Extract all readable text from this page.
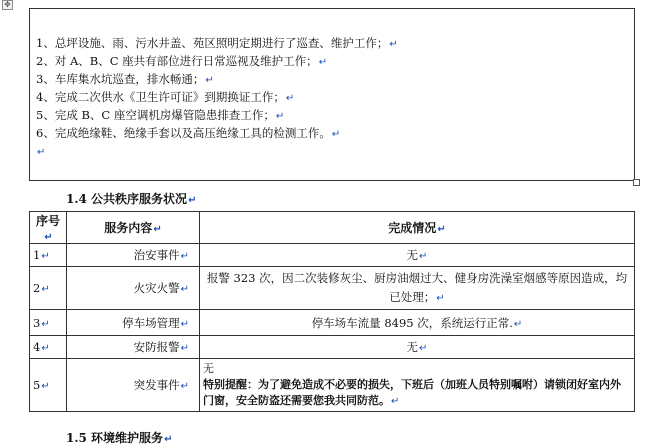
✥
1、总坪设施、雨、污水井盖、苑区照明定期进行了巡查、维护工作；↵
2、对 A、B、C 座共有部位进行日常巡视及维护工作；↵
3、车库集水坑巡查，排水畅通；↵
4、完成二次供水《卫生许可证》到期换证工作；↵
5、完成 B、C 座空调机房爆管隐患排查工作；↵
6、完成绝缘鞋、绝缘手套以及高压绝缘工具的检测工作。↵
↵
1.4 公共秩序服务状况↵
序号↵	服务内容↵	完成情况↵
1↵	治安事件↵	无↵
2↵	火灾火警↵	报警 323 次，因二次装修灰尘、厨房油烟过大、健身房洗澡室烟感等原因造成，均已处理；↵
3↵	停车场管理↵	停车场车流量 8495 次，系统运行正常.↵
4↵	安防报警↵	无↵
5↵	突发事件↵	无
特别提醒：为了避免造成不必要的损失，下班后（加班人员特别嘱咐）请锁闭好室内外门窗，安全防盗还需要您我共同防范。↵
1.5 环境维护服务↵
